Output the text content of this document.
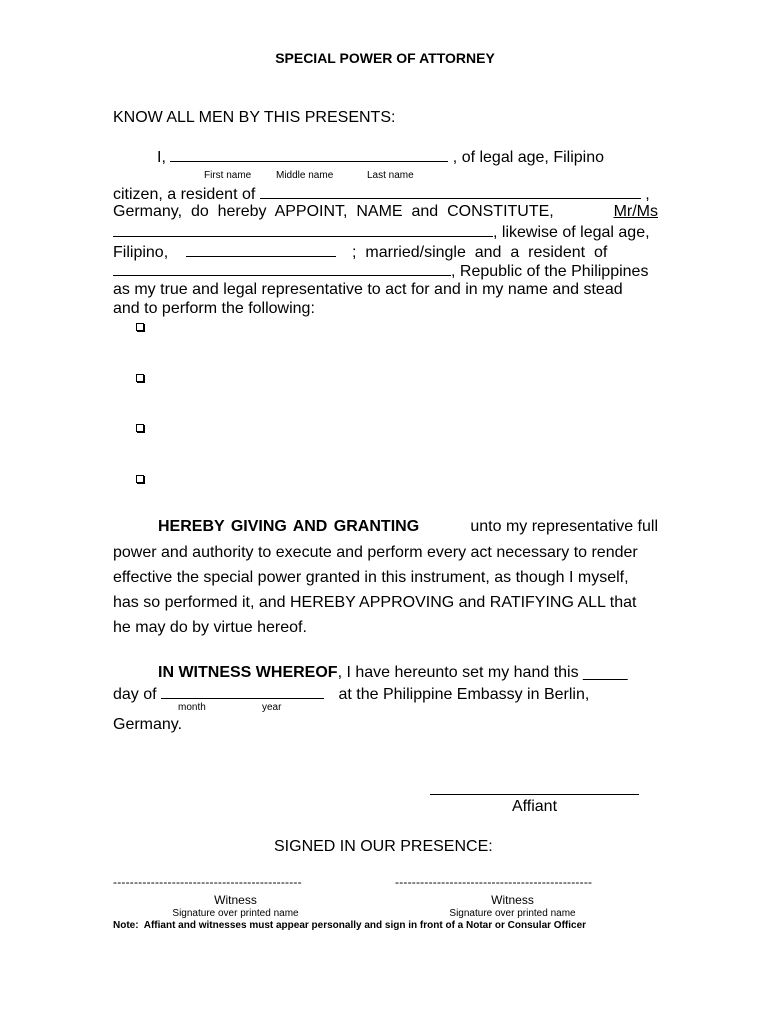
SPECIAL POWER OF ATTORNEY
KNOW ALL MEN BY THIS PRESENTS:
I,	, of legal age, Filipino
First name Middle name	Last name
citizen, a resident of	,
Germany,  do  hereby  APPOINT,  NAME  and  CONSTITUTE,	Mr/Ms
, likewise of legal age,
Filipino,	;  married/single  and  a  resident  of
, Republic of the Philippines
as my true and legal representative to act for and in my name and stead
and to perform the following:
HEREBY GIVING AND GRANTING	unto my representative full
power and authority to execute and perform every act necessary to render
effective the special power granted in this instrument, as though I myself,
has so performed it, and HEREBY APPROVING and RATIFYING ALL that
he may do by virtue hereof.
IN WITNESS WHEREOF, I have hereunto set my hand this _____
day of	at the Philippine Embassy in Berlin,
month	year
Germany.
Affiant
SIGNED IN OUR PRESENCE:
---------------------------------------------	-----------------------------------------------
Witness	Witness
Signature over printed name	Signature over printed name
Note:  Affiant and witnesses must appear personally and sign in front of a Notar or Consular Officer
